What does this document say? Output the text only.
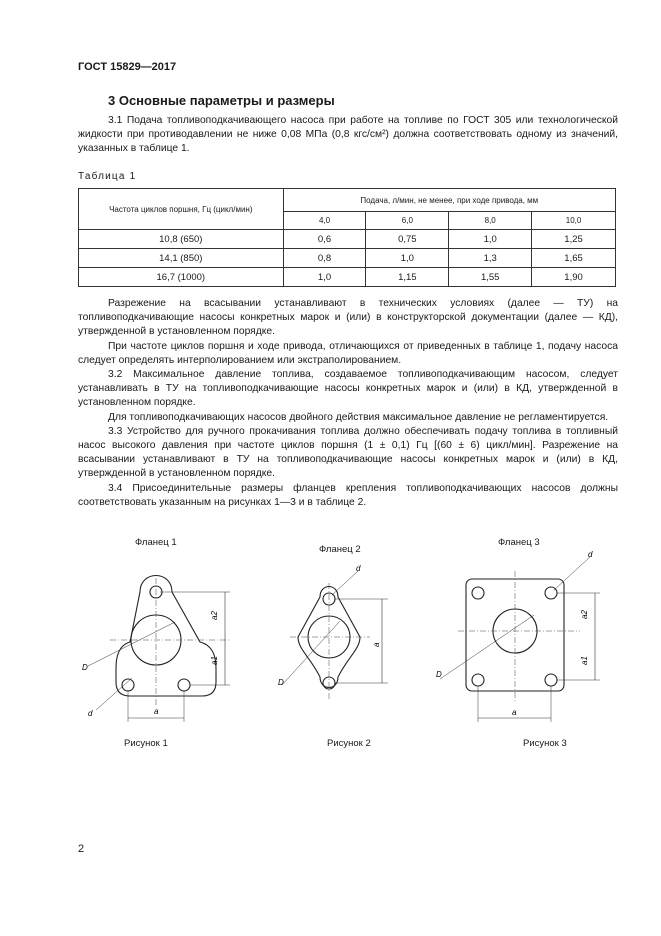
ГОСТ 15829—2017
3 Основные параметры и размеры

3.1 Подача топливоподкачивающего насоса при работе на топливе по ГОСТ 305 или технологической жидкости при противодавлении не ниже 0,08 МПа (0,8 кгс/см²) должна соответствовать одному из значений, указанных в таблице 1.

Таблица 1
Частота циклов поршня, Гц (цикл/мин)	Подача, л/мин, не менее, при ходе привода, мм			
	4,0	6,0	8,0	10,0
10,8 (650)	0,6	0,75	1,0	1,25
14,1 (850)	0,8	1,0	1,3	1,65
16,7 (1000)	1,0	1,15	1,55	1,90

Разрежение на всасывании устанавливают в технических условиях (далее — ТУ) на топливоподкачивающие насосы конкретных марок и (или) в конструкторской документации (далее — КД), утвержденной в установленном порядке.

При частоте циклов поршня и ходе привода, отличающихся от приведенных в таблице 1, подачу насоса следует определять интерполированием или экстраполированием.

3.2 Максимальное давление топлива, создаваемое топливоподкачивающим насосом, следует устанавливать в ТУ на топливоподкачивающие насосы конкретных марок и (или) в КД, утвержденной в установленном порядке.

Для топливоподкачивающих насосов двойного действия максимальное давление не регламентируется.

3.3 Устройство для ручного прокачивания топлива должно обеспечивать подачу топлива в топливный насос высокого давления при частоте циклов поршня (1 ± 0,1) Гц [(60 ± 6) цикл/мин]. Разрежение на всасывании устанавливают в ТУ на топливоподкачивающие насосы конкретных марок и (или) в КД, утвержденной в установленном порядке.

3.4 Присоединительные размеры фланцев крепления топливоподкачивающих насосов должны соответствовать указанным на рисунках 1—3 и в таблице 2.

Фланец 1
a2
a1
a
D
d
Рисунок 1
Фланец 2
d
a
D
Рисунок 2
Фланец 3
d
a2
a1
D
a
Рисунок 3
2
